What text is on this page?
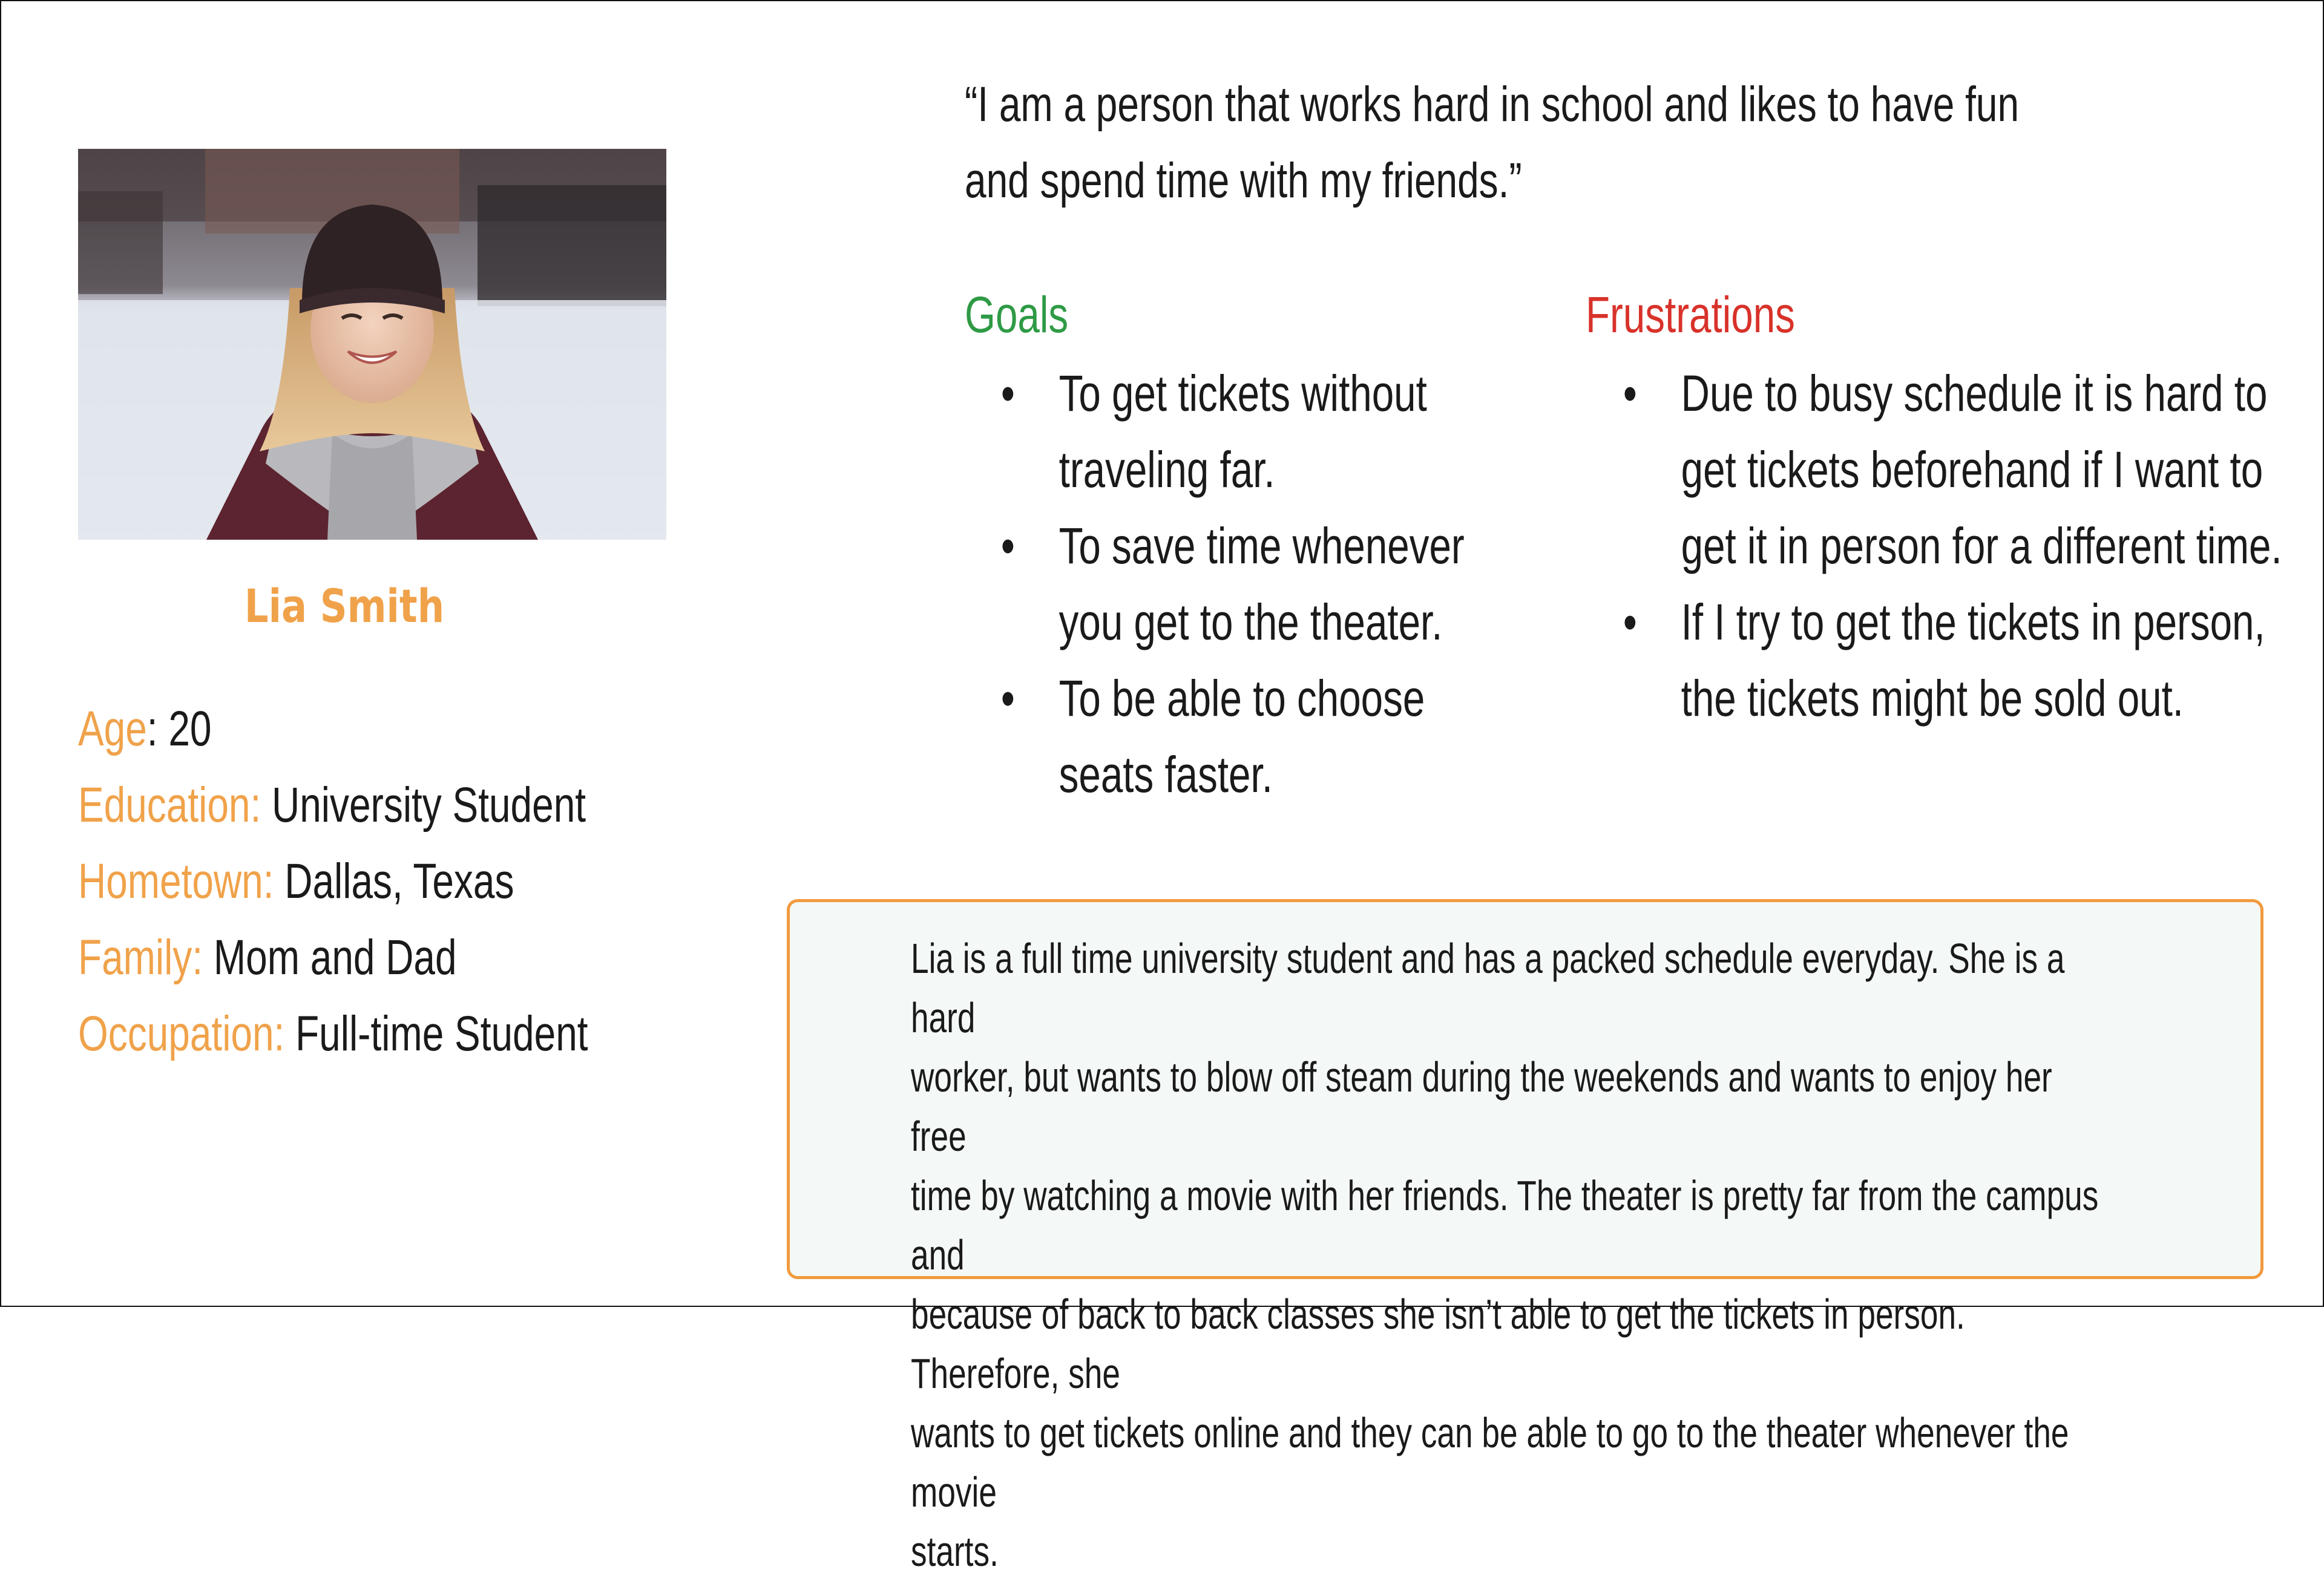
Lia Smith
Age: 20
Education: University Student
Hometown: Dallas, Texas
Family: Mom and Dad
Occupation: Full-time Student
“I am a person that works hard in school and likes to have fun
and spend time with my friends.”
Goals
• To get tickets without traveling far.
• To save time whenever you get to the theater.
• To be able to choose seats faster.
Frustrations
• Due to busy schedule it is hard to get tickets beforehand if I want to get it in person for a different time.
• If I try to get the tickets in person, the tickets might be sold out.
Lia is a full time university student and has a packed schedule everyday. She is a hard
worker, but wants to blow off steam during the weekends and wants to enjoy her free
time by watching a movie with her friends. The theater is pretty far from the campus and
because of back to back classes she isn’t able to get the tickets in person. Therefore, she
wants to get tickets online and they can be able to go to the theater whenever the movie
starts.
